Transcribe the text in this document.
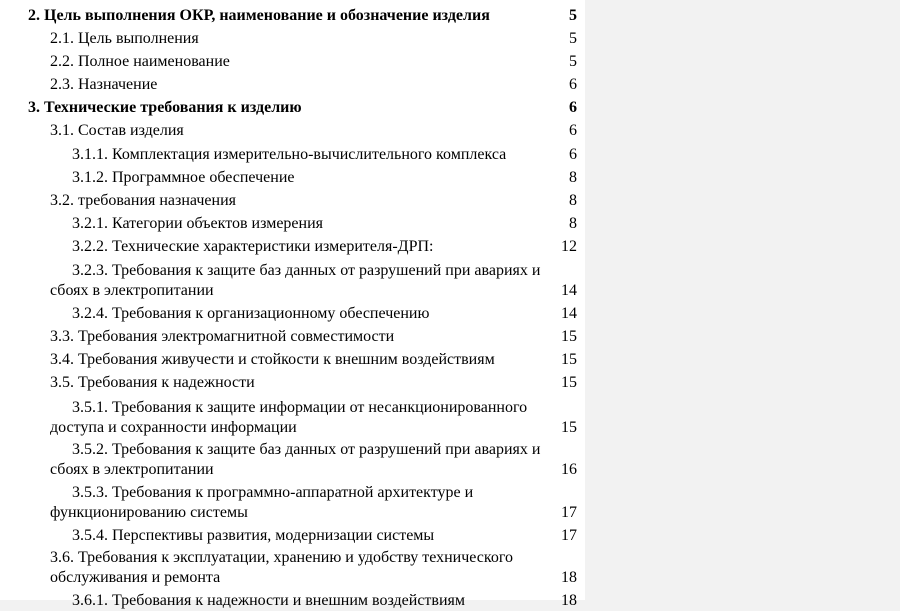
2. Цель выполнения ОКР, наименование и обозначение изделия	5
2.1. Цель выполнения	5
2.2. Полное наименование	5
2.3. Назначение	6
3. Технические требования к изделию	6
3.1. Состав изделия	6
3.1.1. Комплектация измерительно-вычислительного комплекса	6
3.1.2. Программное обеспечение	8
3.2. требования назначения	8
3.2.1. Категории объектов измерения	8
3.2.2. Технические характеристики измерителя-ДРП:	12
3.2.3. Требования к защите баз данных от разрушений при авариях и
сбоях в электропитании	14
3.2.4. Требования к организационному обеспечению	14
3.3. Требования электромагнитной совместимости	15
3.4. Требования живучести и стойкости к внешним воздействиям	15
3.5. Требования к надежности	15
3.5.1. Требования к защите информации от несанкционированного
доступа и сохранности информации	15
3.5.2. Требования к защите баз данных от разрушений при авариях и
сбоях в электропитании	16
3.5.3. Требования к программно-аппаратной архитектуре и
функционированию системы	17
3.5.4. Перспективы развития, модернизации системы	17
3.6. Требования к эксплуатации, хранению и удобству технического
обслуживания и ремонта	18
3.6.1. Требования к надежности и внешним воздействиям	18
